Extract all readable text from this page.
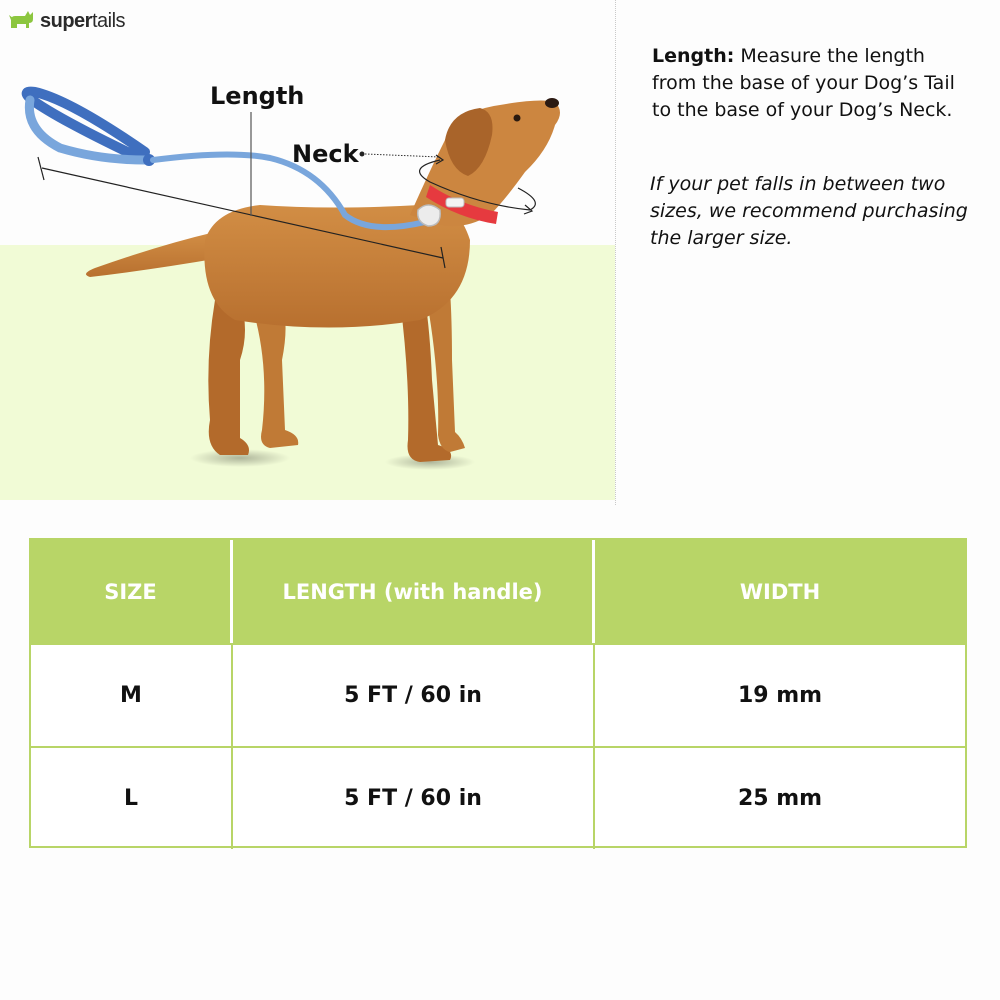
supertails
Length
Neck

Length: Measure the length from the base of your Dog’s Tail to the base of your Dog’s Neck.

If your pet falls in between two sizes, we recommend purchasing the larger size.

SIZE	LENGTH (with handle)	WIDTH
M	5 FT / 60 in	19 mm
L	5 FT / 60 in	25 mm
